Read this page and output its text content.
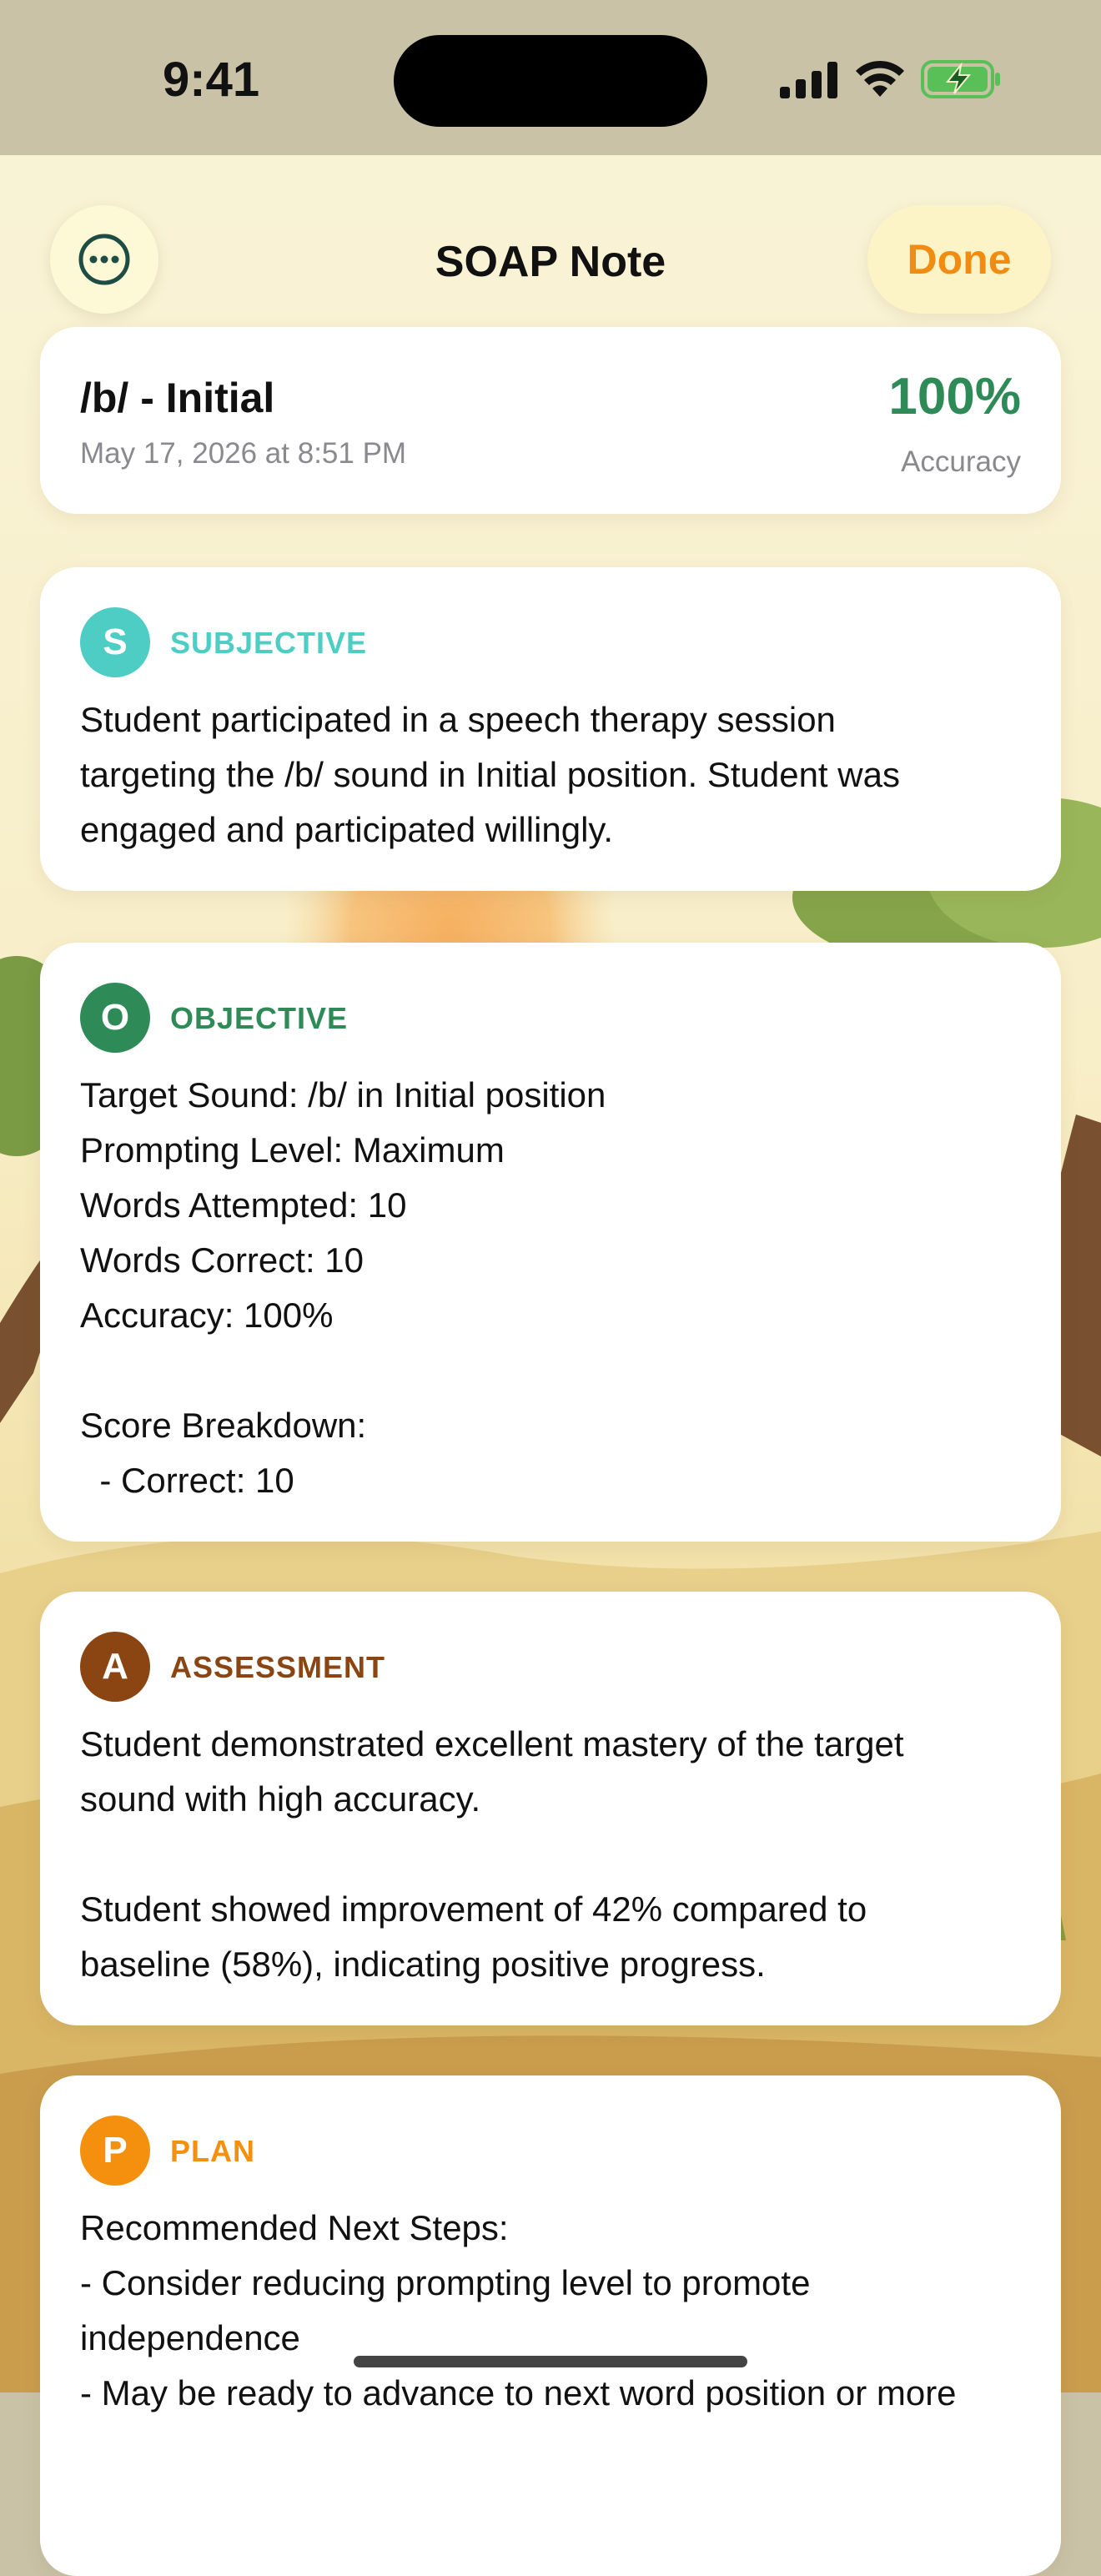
9:41
SOAP Note	Done
/b/ - Initial
May 17, 2026 at 8:51 PM
100%
Accuracy
S	SUBJECTIVE
Student participated in a speech therapy session
targeting the /b/ sound in Initial position. Student was
engaged and participated willingly.
O	OBJECTIVE
Target Sound: /b/ in Initial position
Prompting Level: Maximum
Words Attempted: 10
Words Correct: 10
Accuracy: 100%

Score Breakdown:
- Correct: 10
A	ASSESSMENT
Student demonstrated excellent mastery of the target
sound with high accuracy.

Student showed improvement of 42% compared to
baseline (58%), indicating positive progress.
P	PLAN
Recommended Next Steps:
- Consider reducing prompting level to promote
independence
- May be ready to advance to next word position or more
